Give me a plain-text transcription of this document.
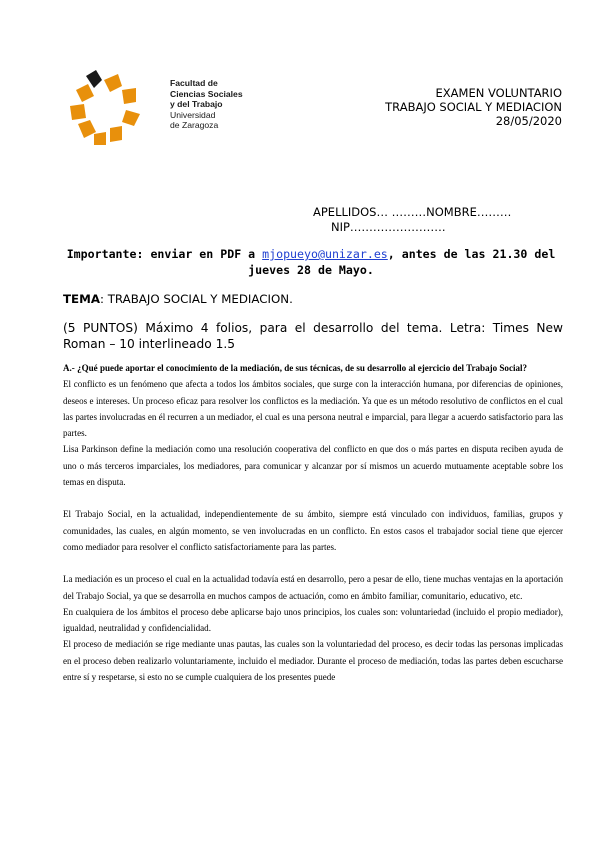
Facultad de
Ciencias Sociales
y del Trabajo
Universidad
de Zaragoza
EXAMEN VOLUNTARIO
TRABAJO SOCIAL Y MEDIACION
28/05/2020
APELLIDOS… ………NOMBRE………
NIP…………………….
Importante: enviar en PDF a mjopueyo@unizar.es, antes de las 21.30 del jueves 28 de Mayo.
TEMA: TRABAJO SOCIAL Y MEDIACION.
(5 PUNTOS) Máximo 4 folios, para el desarrollo del tema. Letra: Times New Roman – 10 interlineado 1.5

A.- ¿Qué puede aportar el conocimiento de la mediación, de sus técnicas, de su desarrollo al ejercicio del Trabajo Social?

El conflicto es un fenómeno que afecta a todos los ámbitos sociales, que surge con la interacción humana, por diferencias de opiniones, deseos e intereses. Un proceso eficaz para resolver los conflictos es la mediación. Ya que es un método resolutivo de conflictos en el cual las partes involucradas en él recurren a un mediador, el cual es una persona neutral e imparcial, para llegar a acuerdo satisfactorio para las partes.

Lisa Parkinson define la mediación como una resolución cooperativa del conflicto en que dos o más partes en disputa reciben ayuda de uno o más terceros imparciales, los mediadores, para comunicar y alcanzar por sí mismos un acuerdo mutuamente aceptable sobre los temas en disputa.

El Trabajo Social, en la actualidad, independientemente de su ámbito, siempre está vinculado con individuos, familias, grupos y comunidades, las cuales, en algún momento, se ven involucradas en un conflicto. En estos casos el trabajador social tiene que ejercer como mediador para resolver el conflicto satisfactoriamente para las partes.

La mediación es un proceso el cual en la actualidad todavía está en desarrollo, pero a pesar de ello, tiene muchas ventajas en la aportación del Trabajo Social, ya que se desarrolla en muchos campos de actuación, como en ámbito familiar, comunitario, educativo, etc.

En cualquiera de los ámbitos el proceso debe aplicarse bajo unos principios, los cuales son: voluntariedad (incluido el propio mediador), igualdad, neutralidad y confidencialidad.

El proceso de mediación se rige mediante unas pautas, las cuales son la voluntariedad del proceso, es decir todas las personas implicadas en el proceso deben realizarlo voluntariamente, incluido el mediador. Durante el proceso de mediación, todas las partes deben escucharse entre sí y respetarse, si esto no se cumple cualquiera de los presentes puede
